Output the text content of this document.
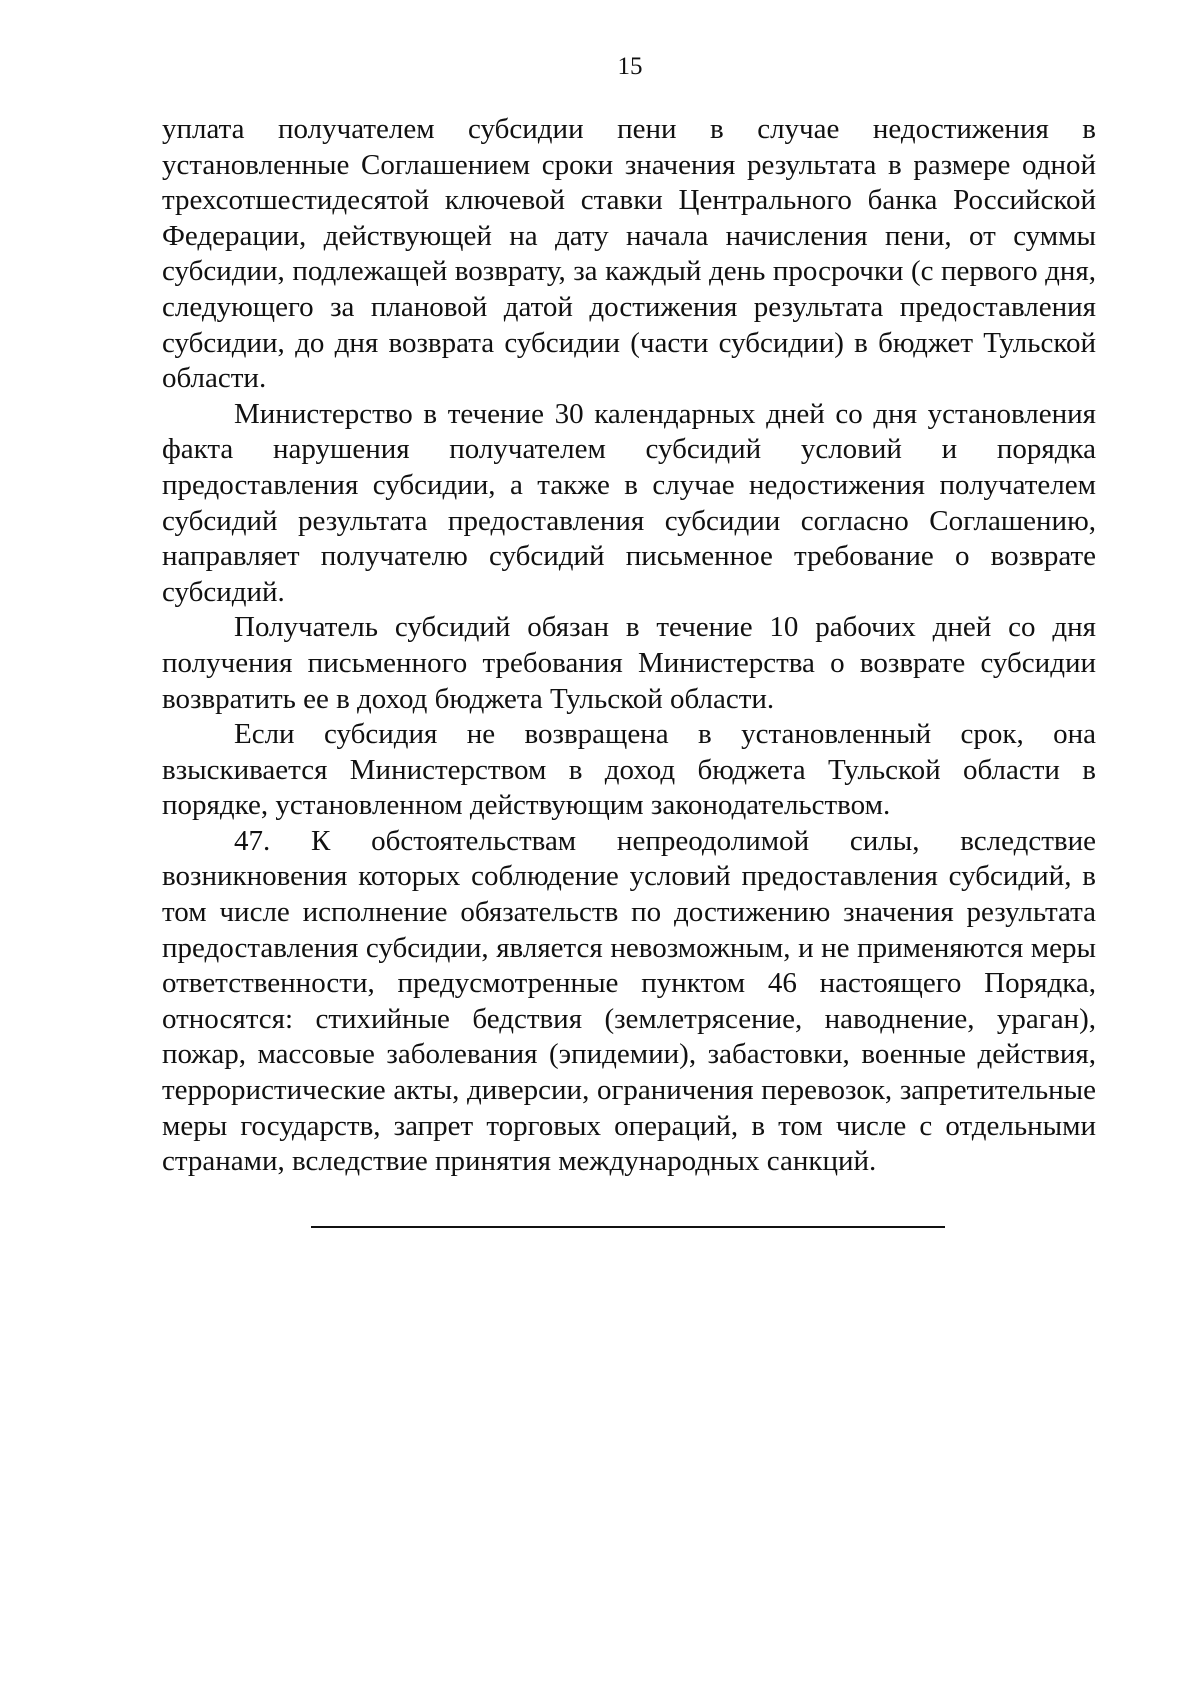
15

уплата получателем субсидии пени в случае недостижения в установленные Соглашением сроки значения результата в размере одной трехсотшестидесятой ключевой ставки Центрального банка Российской Федерации, действующей на дату начала начисления пени, от суммы субсидии, подлежащей возврату, за каждый день просрочки (с первого дня, следующего за плановой датой достижения результата предоставления субсидии, до дня возврата субсидии (части субсидии) в бюджет Тульской области.

Министерство в течение 30 календарных дней со дня установления факта нарушения получателем субсидий условий и порядка предоставления субсидии, а также в случае недостижения получателем субсидий результата предоставления субсидии согласно Соглашению, направляет получателю субсидий письменное требование о возврате субсидий.

Получатель субсидий обязан в течение 10 рабочих дней со дня получения письменного требования Министерства о возврате субсидии возвратить ее в доход бюджета Тульской области.

Если субсидия не возвращена в установленный срок, она взыскивается Министерством в доход бюджета Тульской области в порядке, установленном действующим законодательством.

47. К обстоятельствам непреодолимой силы, вследствие возникновения которых соблюдение условий предоставления субсидий, в том числе исполнение обязательств по достижению значения результата предоставления субсидии, является невозможным, и не применяются меры ответственности, предусмотренные пунктом 46 настоящего Порядка, относятся: стихийные бедствия (землетрясение, наводнение, ураган), пожар, массовые заболевания (эпидемии), забастовки, военные действия, террористические акты, диверсии, ограничения перевозок, запретительные меры государств, запрет торговых операций, в том числе с отдельными странами, вследствие принятия международных санкций.
